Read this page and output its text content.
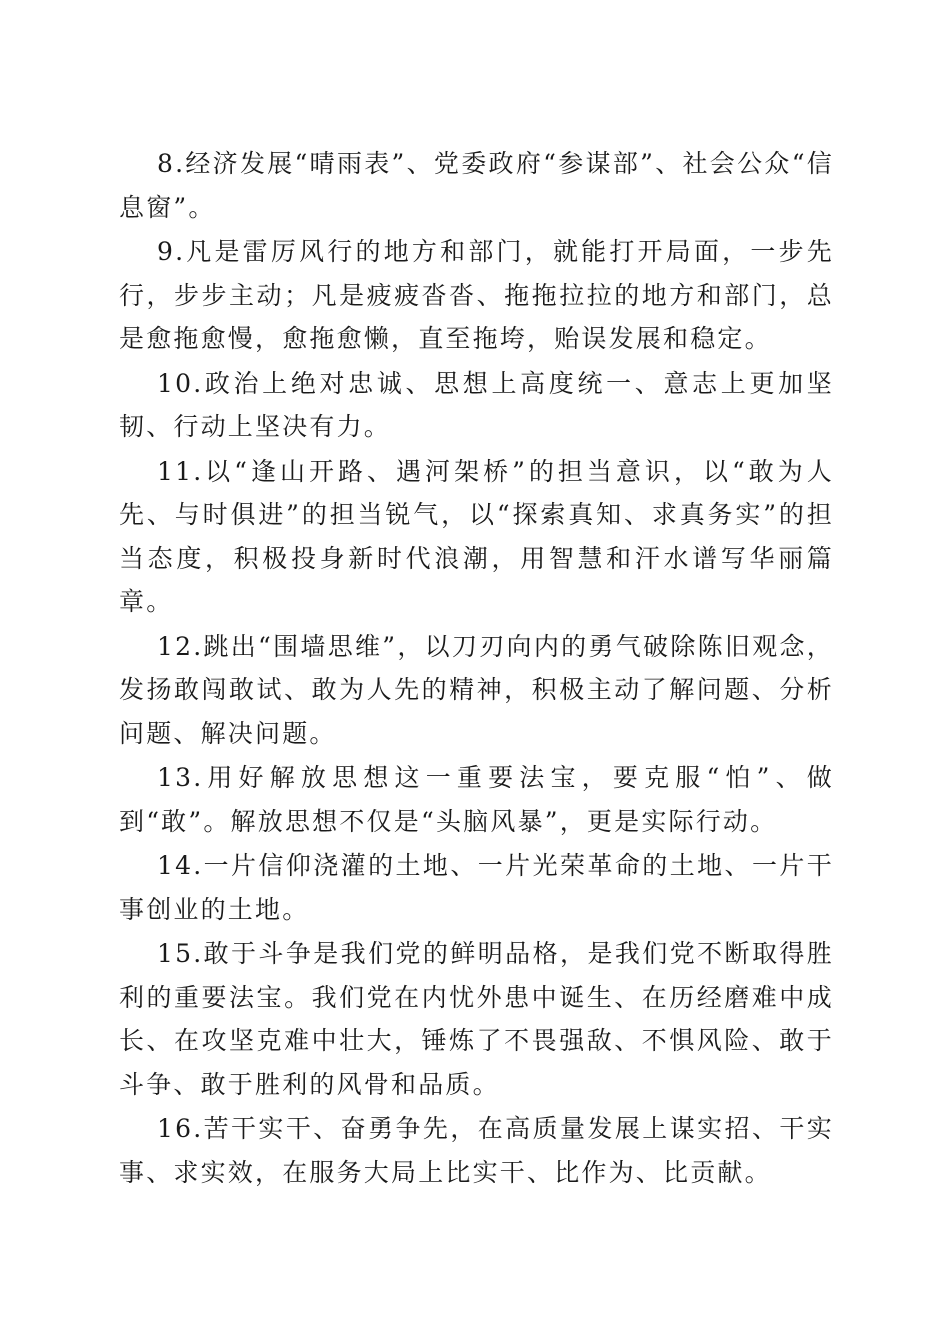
8.经济发展“晴雨表”、党委政府“参谋部”、社会公众“信息窗”。

9.凡是雷厉风行的地方和部门，就能打开局面，一步先行，步步主动；凡是疲疲沓沓、拖拖拉拉的地方和部门，总是愈拖愈慢，愈拖愈懒，直至拖垮，贻误发展和稳定。

10.政治上绝对忠诚、思想上高度统一、意志上更加坚韧、行动上坚决有力。

11.以“逢山开路、遇河架桥”的担当意识，以“敢为人先、与时俱进”的担当锐气，以“探索真知、求真务实”的担当态度，积极投身新时代浪潮，用智慧和汗水谱写华丽篇章。

12.跳出“围墙思维”，以刀刃向内的勇气破除陈旧观念，发扬敢闯敢试、敢为人先的精神，积极主动了解问题、分析问题、解决问题。

13.用好解放思想这一重要法宝，要克服“怕”、做到“敢”。解放思想不仅是“头脑风暴”，更是实际行动。

14.一片信仰浇灌的土地、一片光荣革命的土地、一片干事创业的土地。

15.敢于斗争是我们党的鲜明品格，是我们党不断取得胜利的重要法宝。我们党在内忧外患中诞生、在历经磨难中成长、在攻坚克难中壮大，锤炼了不畏强敌、不惧风险、敢于斗争、敢于胜利的风骨和品质。

16.苦干实干、奋勇争先，在高质量发展上谋实招、干实事、求实效，在服务大局上比实干、比作为、比贡献。
